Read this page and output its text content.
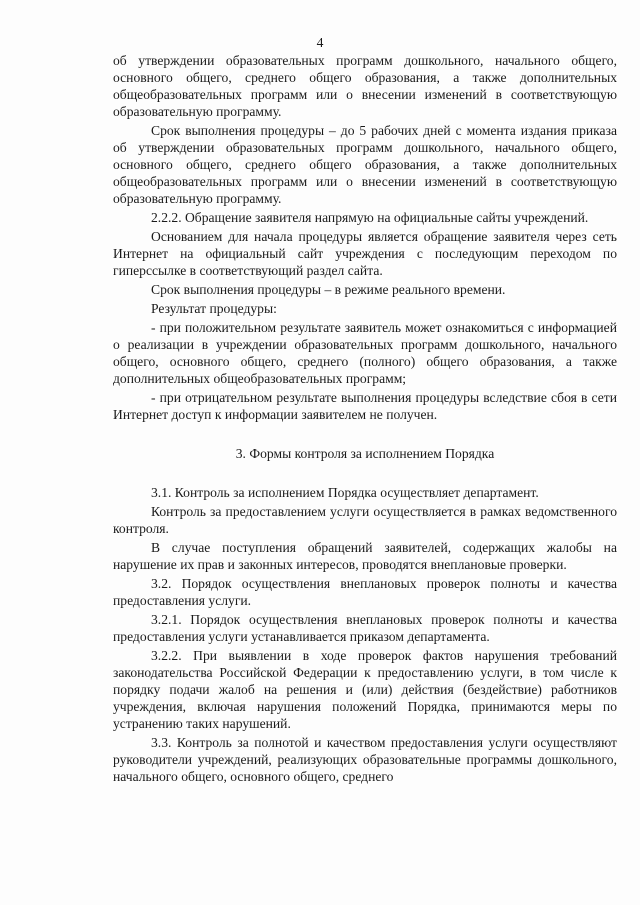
4

об утверждении образовательных программ дошкольного, начального общего, основного общего, среднего общего образования, а также дополнительных общеобразовательных программ или о внесении изменений в соответствующую образовательную программу.

Срок выполнения процедуры – до 5 рабочих дней с момента издания приказа об утверждении образовательных программ дошкольного, начального общего, основного общего, среднего общего образования, а также дополнительных общеобразовательных программ или о внесении изменений в соответствующую образовательную программу.

2.2.2. Обращение заявителя напрямую на официальные сайты учреждений.

Основанием для начала процедуры является обращение заявителя через сеть Интернет на официальный сайт учреждения с последующим переходом по гиперссылке в соответствующий раздел сайта.

Срок выполнения процедуры – в режиме реального времени.

Результат процедуры:

- при положительном результате заявитель может ознакомиться с информацией о реализации в учреждении образовательных программ дошкольного, начального общего, основного общего, среднего (полного) общего образования, а также дополнительных общеобразовательных программ;

- при отрицательном результате выполнения процедуры вследствие сбоя в сети Интернет доступ к информации заявителем не получен.

3. Формы контроля за исполнением Порядка

3.1. Контроль за исполнением Порядка осуществляет департамент.

Контроль за предоставлением услуги осуществляется в рамках ведомственного контроля.

В случае поступления обращений заявителей, содержащих жалобы на нарушение их прав и законных интересов, проводятся внеплановые проверки.

3.2. Порядок осуществления внеплановых проверок полноты и качества предоставления услуги.

3.2.1. Порядок осуществления внеплановых проверок полноты и качества предоставления услуги устанавливается приказом департамента.

3.2.2. При выявлении в ходе проверок фактов нарушения требований законодательства Российской Федерации к предоставлению услуги, в том числе к порядку подачи жалоб на решения и (или) действия (бездействие) работников учреждения, включая нарушения положений Порядка, принимаются меры по устранению таких нарушений.

3.3. Контроль за полнотой и качеством предоставления услуги осуществляют руководители учреждений, реализующих образовательные программы дошкольного, начального общего, основного общего, среднего
